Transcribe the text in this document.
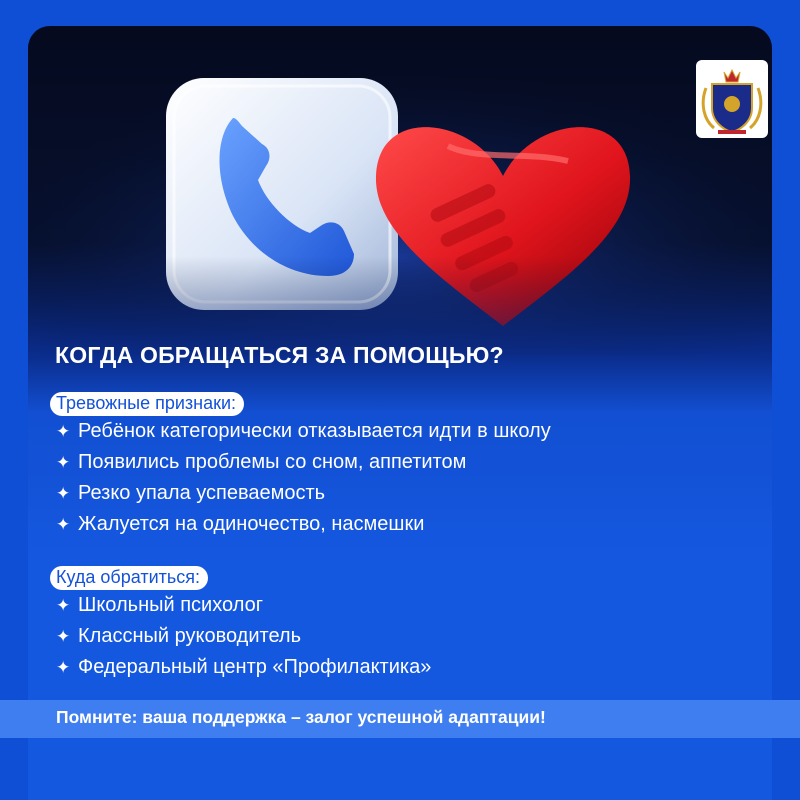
КОГДА ОБРАЩАТЬСЯ ЗА ПОМОЩЬЮ?
Тревожные признаки:
✦ Ребёнок категорически отказывается идти в школу
✦ Появились проблемы со сном, аппетитом
✦ Резко упала успеваемость
✦ Жалуется на одиночество, насмешки
Куда обратиться:
✦ Школьный психолог
✦ Классный руководитель
✦ Федеральный центр «Профилактика»
Помните: ваша поддержка – залог успешной адаптации!
